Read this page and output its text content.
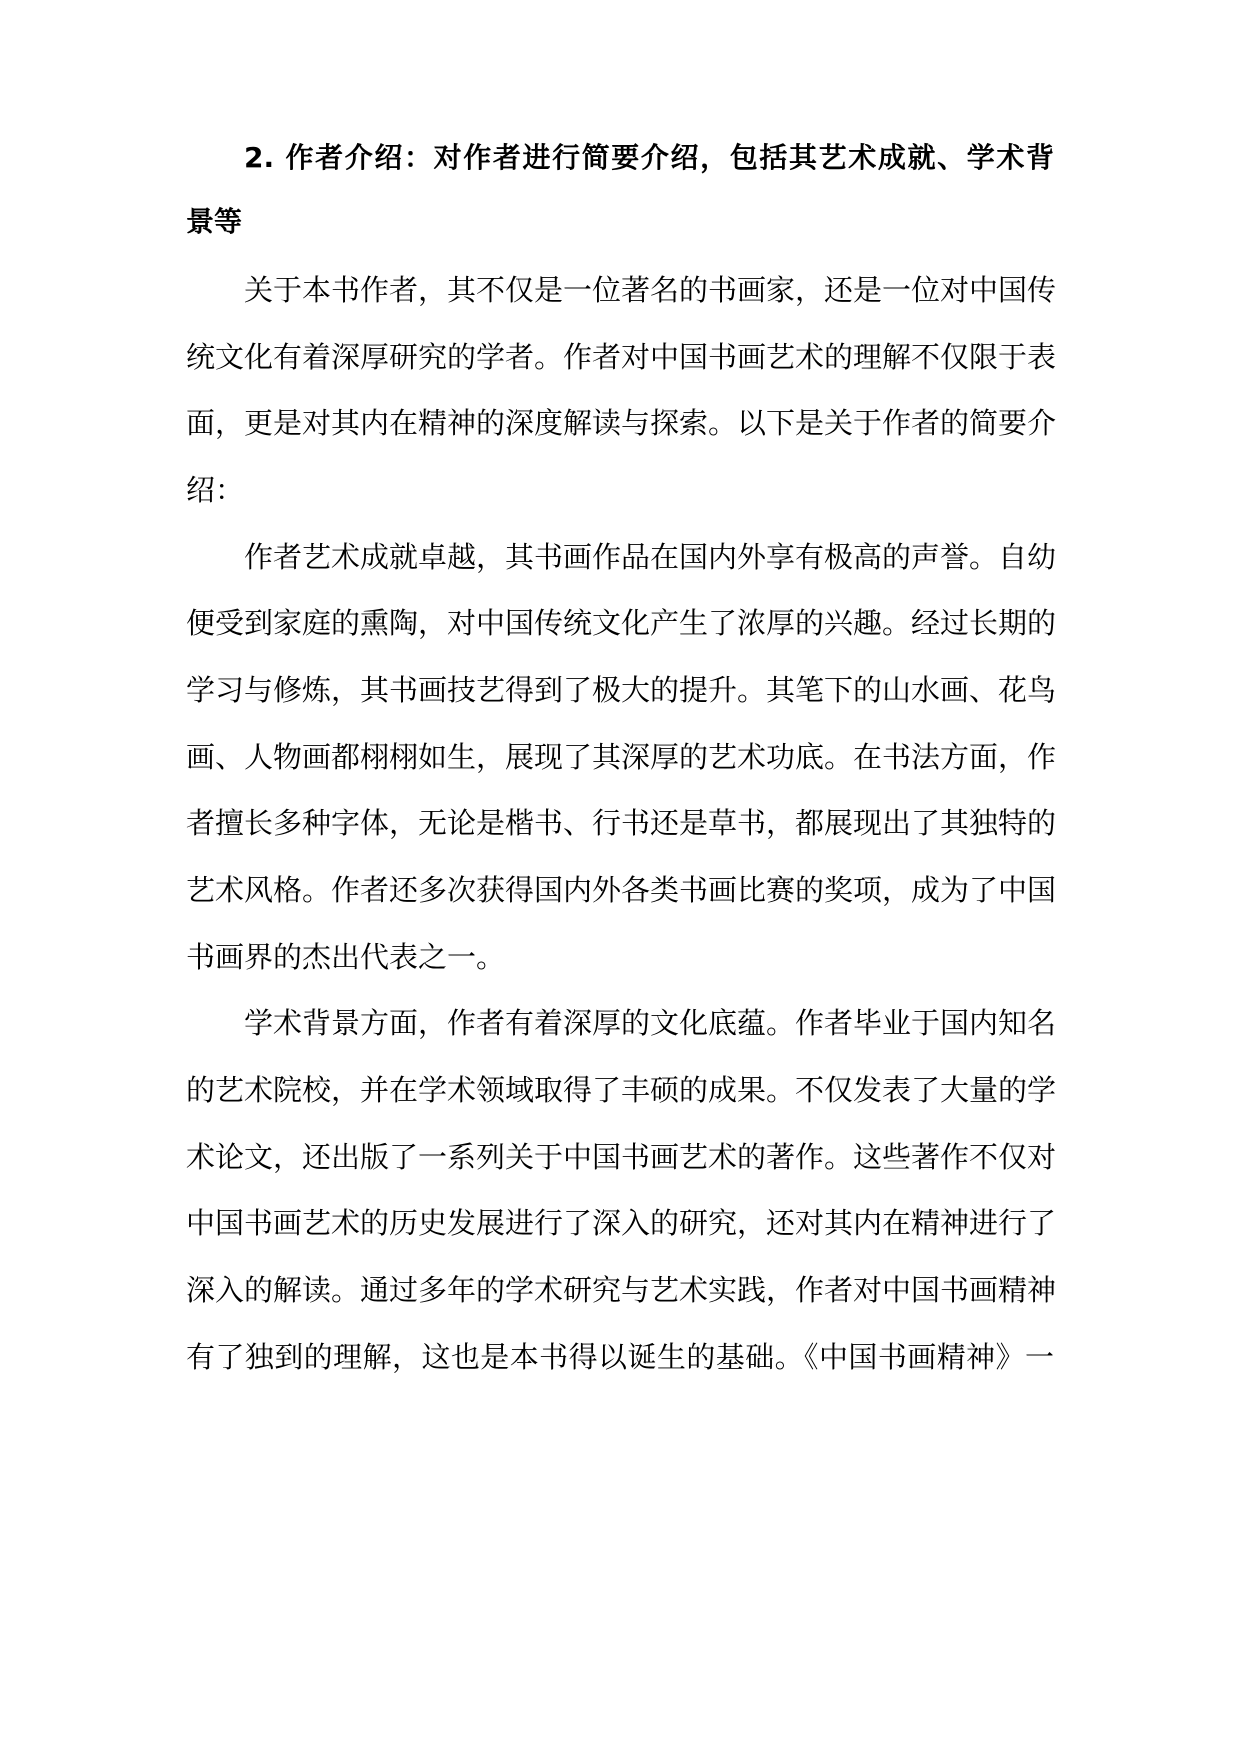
2. 作者介绍：对作者进行简要介绍，包括其艺术成就、学术背
景等
关于本书作者，其不仅是一位著名的书画家，还是一位对中国传
统文化有着深厚研究的学者。作者对中国书画艺术的理解不仅限于表
面，更是对其内在精神的深度解读与探索。以下是关于作者的简要介
绍：
作者艺术成就卓越，其书画作品在国内外享有极高的声誉。自幼
便受到家庭的熏陶，对中国传统文化产生了浓厚的兴趣。经过长期的
学习与修炼，其书画技艺得到了极大的提升。其笔下的山水画、花鸟
画、人物画都栩栩如生，展现了其深厚的艺术功底。在书法方面，作
者擅长多种字体，无论是楷书、行书还是草书，都展现出了其独特的
艺术风格。作者还多次获得国内外各类书画比赛的奖项，成为了中国
书画界的杰出代表之一。
学术背景方面，作者有着深厚的文化底蕴。作者毕业于国内知名
的艺术院校，并在学术领域取得了丰硕的成果。不仅发表了大量的学
术论文，还出版了一系列关于中国书画艺术的著作。这些著作不仅对
中国书画艺术的历史发展进行了深入的研究，还对其内在精神进行了
深入的解读。通过多年的学术研究与艺术实践，作者对中国书画精神
有了独到的理解，这也是本书得以诞生的基础。《中国书画精神》一
